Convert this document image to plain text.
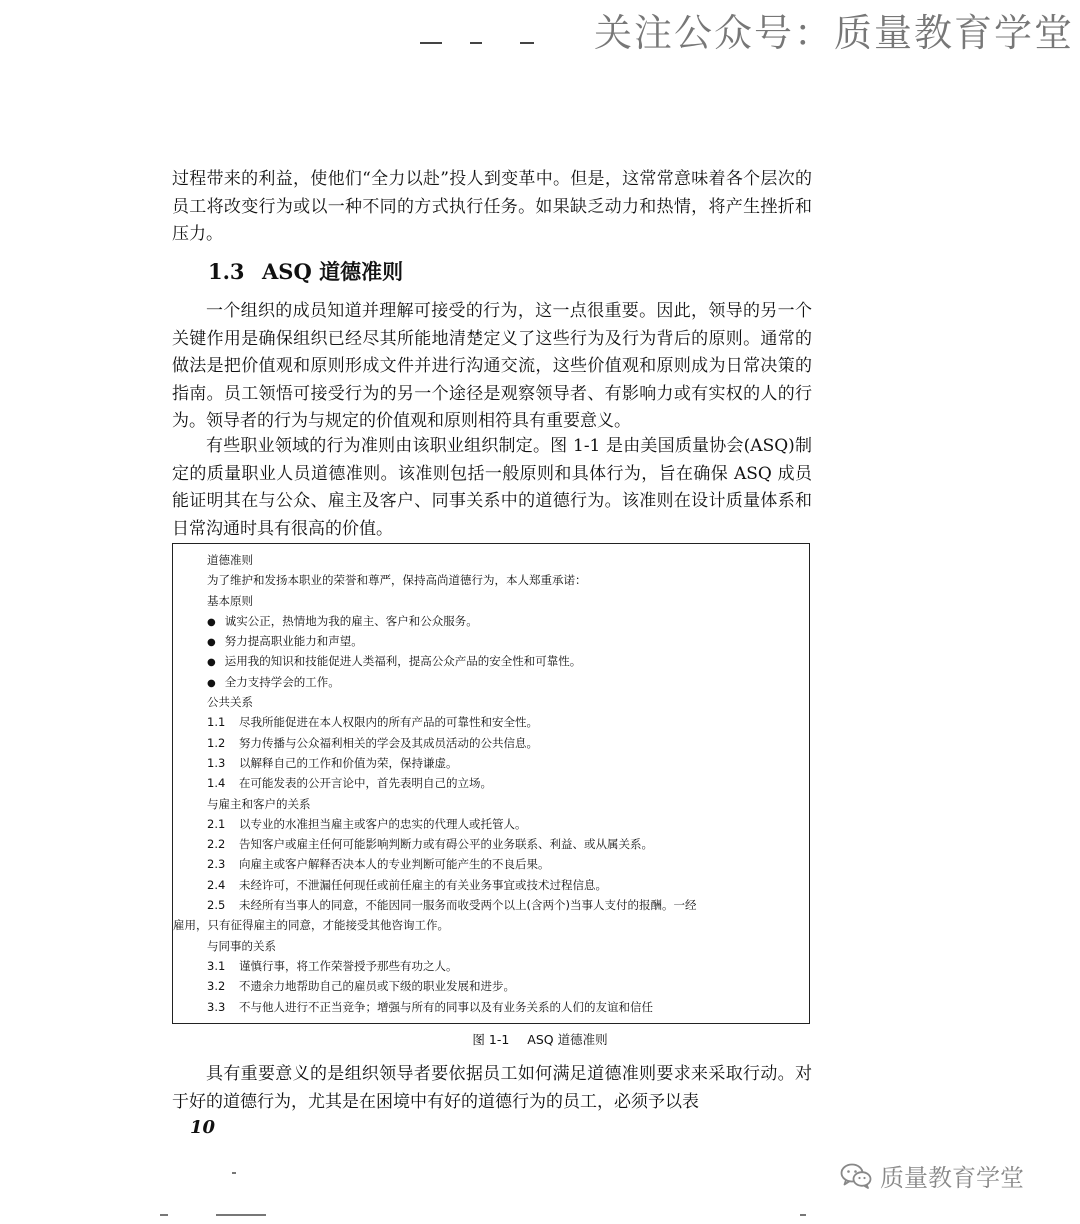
关注公众号：质量教育学堂

过程带来的利益，使他们“全力以赴”投人到变革中。但是，这常常意味着各个层次的员工将改变行为或以一种不同的方式执行任务。如果缺乏动力和热情，将产生挫折和压力。

1.3 ASQ 道德准则

一个组织的成员知道并理解可接受的行为，这一点很重要。因此，领导的另一个关键作用是确保组织已经尽其所能地清楚定义了这些行为及行为背后的原则。通常的做法是把价值观和原则形成文件并进行沟通交流，这些价值观和原则成为日常决策的指南。员工领悟可接受行为的另一个途径是观察领导者、有影响力或有实权的人的行为。领导者的行为与规定的价值观和原则相符具有重要意义。

有些职业领域的行为准则由该职业组织制定。图 1-1 是由美国质量协会(ASQ)制定的质量职业人员道德准则。该准则包括一般原则和具体行为，旨在确保 ASQ 成员能证明其在与公众、雇主及客户、同事关系中的道德行为。该准则在设计质量体系和日常沟通时具有很高的价值。

道德准则
为了维护和发扬本职业的荣誉和尊严，保持高尚道德行为，本人郑重承诺：
基本原则
● 诚实公正，热情地为我的雇主、客户和公众服务。
● 努力提高职业能力和声望。
● 运用我的知识和技能促进人类福利，提高公众产品的安全性和可靠性。
● 全力支持学会的工作。
公共关系
1.1 尽我所能促进在本人权限内的所有产品的可靠性和安全性。
1.2 努力传播与公众福利相关的学会及其成员活动的公共信息。
1.3 以解释自己的工作和价值为荣，保持谦虚。
1.4 在可能发表的公开言论中，首先表明自己的立场。
与雇主和客户的关系
2.1 以专业的水准担当雇主或客户的忠实的代理人或托管人。
2.2 告知客户或雇主任何可能影响判断力或有碍公平的业务联系、利益、或从属关系。
2.3 向雇主或客户解释否决本人的专业判断可能产生的不良后果。
2.4 未经许可，不泄漏任何现任或前任雇主的有关业务事宜或技术过程信息。
2.5 未经所有当事人的同意，不能因同一服务而收受两个以上(含两个)当事人支付的报酬。一经
雇用，只有征得雇主的同意，才能接受其他咨询工作。
与同事的关系
3.1 谨慎行事，将工作荣誉授予那些有功之人。
3.2 不遗余力地帮助自己的雇员或下级的职业发展和进步。
3.3 不与他人进行不正当竞争；增强与所有的同事以及有业务关系的人们的友谊和信任

图 1-1 ASQ 道德准则

具有重要意义的是组织领导者要依据员工如何满足道德准则要求来采取行动。对于好的道德行为，尤其是在困境中有好的道德行为的员工，必须予以表

10

质量教育学堂
